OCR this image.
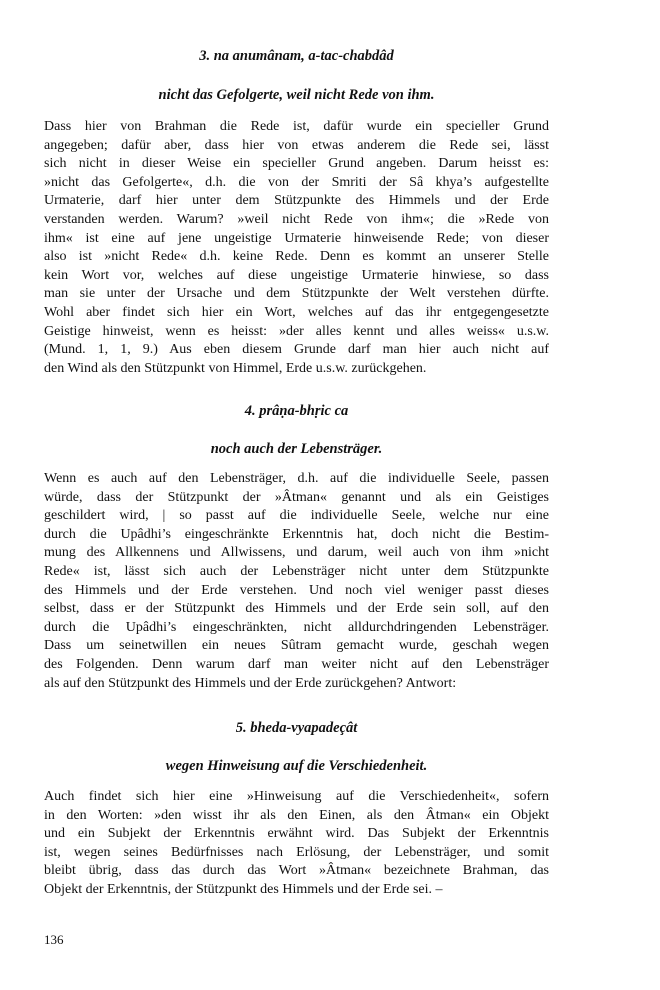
3. na anumânam, a-tac-chabdâd
nicht das Gefolgerte, weil nicht Rede von ihm.
Dass hier von Brahman die Rede ist, dafür wurde ein specieller Grund
angegeben; dafür aber, dass hier von etwas anderem die Rede sei, lässt
sich nicht in dieser Weise ein specieller Grund angeben. Darum heisst es:
»nicht das Gefolgerte«, d.h. die von der Smriti der Sâ khya’s aufgestellte
Urmaterie, darf hier unter dem Stützpunkte des Himmels und der Erde
verstanden werden. Warum? »weil nicht Rede von ihm«; die »Rede von
ihm« ist eine auf jene ungeistige Urmaterie hinweisende Rede; von dieser
also ist »nicht Rede« d.h. keine Rede. Denn es kommt an unserer Stelle
kein Wort vor, welches auf diese ungeistige Urmaterie hinwiese, so dass
man sie unter der Ursache und dem Stützpunkte der Welt verstehen dürfte.
Wohl aber findet sich hier ein Wort, welches auf das ihr entgegengesetzte
Geistige hinweist, wenn es heisst: »der alles kennt und alles weiss« u.s.w.
(Mund. 1, 1, 9.) Aus eben diesem Grunde darf man hier auch nicht auf
den Wind als den Stützpunkt von Himmel, Erde u.s.w. zurückgehen.
4. prâṇa-bhṛic ca
noch auch der Lebensträger.
Wenn es auch auf den Lebensträger, d.h. auf die individuelle Seele, passen
würde, dass der Stützpunkt der »Âtman« genannt und als ein Geistiges
geschildert wird, | so passt auf die individuelle Seele, welche nur eine
durch die Upâdhi’s eingeschränkte Erkenntnis hat, doch nicht die Bestim-
mung des Allkennens und Allwissens, und darum, weil auch von ihm »nicht
Rede« ist, lässt sich auch der Lebensträger nicht unter dem Stützpunkte
des Himmels und der Erde verstehen. Und noch viel weniger passt dieses
selbst, dass er der Stützpunkt des Himmels und der Erde sein soll, auf den
durch die Upâdhi’s eingeschränkten, nicht alldurchdringenden Lebensträger.
Dass um seinetwillen ein neues Sûtram gemacht wurde, geschah wegen
des Folgenden. Denn warum darf man weiter nicht auf den Lebensträger
als auf den Stützpunkt des Himmels und der Erde zurückgehen? Antwort:
5. bheda-vyapadeçât
wegen Hinweisung auf die Verschiedenheit.
Auch findet sich hier eine »Hinweisung auf die Verschiedenheit«, sofern
in den Worten: »den wisst ihr als den Einen, als den Âtman« ein Objekt
und ein Subjekt der Erkenntnis erwähnt wird. Das Subjekt der Erkenntnis
ist, wegen seines Bedürfnisses nach Erlösung, der Lebensträger, und somit
bleibt übrig, dass das durch das Wort »Âtman« bezeichnete Brahman, das
Objekt der Erkenntnis, der Stützpunkt des Himmels und der Erde sei. –
136
